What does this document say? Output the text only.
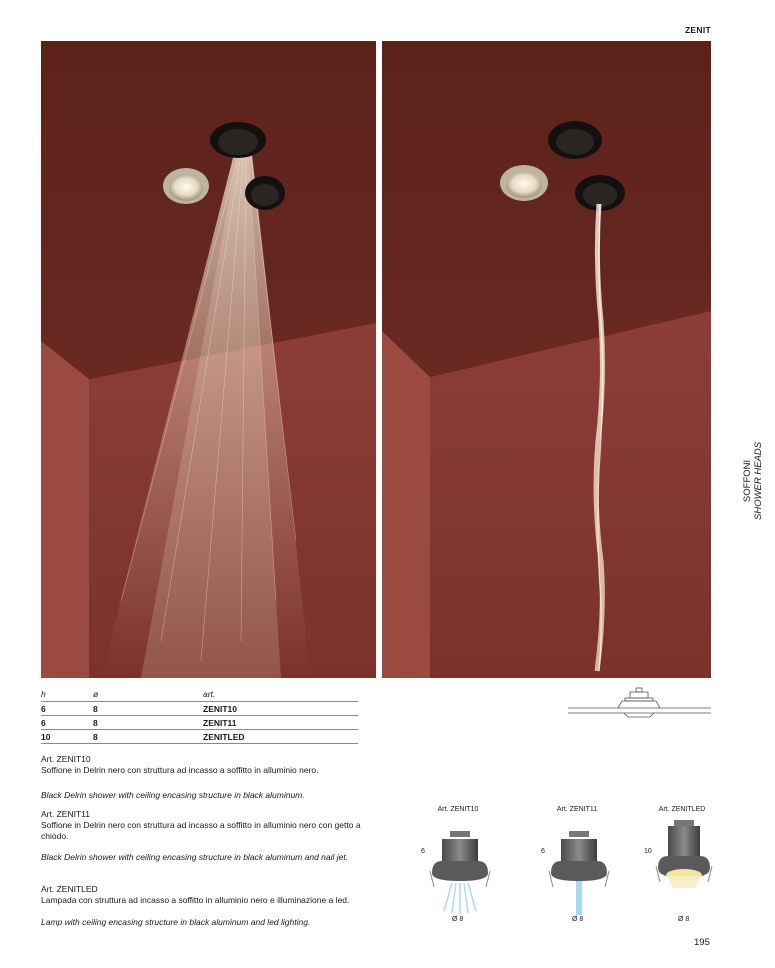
ZENIT
SOFFONI SHOWER HEADS
h	ø	art.
6	8	ZENIT10
6	8	ZENIT11
10	8	ZENITLED

Art. ZENIT10

Soffione in Delrin nero con struttura ad incasso a soffitto in alluminio nero.

Black Delrin shower with ceiling encasing structure in black aluminum.

Art. ZENIT11

Soffione in Delrin nero con struttura ad incasso a soffitto in alluminio nero con getto a chiodo.

Black Delrin shower with ceiling encasing structure in black aluminum and nail jet.

Art. ZENITLED

Lampada con struttura ad incasso a soffitto in alluminio nero e illuminazione a led.

Lamp with ceiling encasing structure in black aluminum and led lighting.

Art. ZENIT10
6
Ø 8
Art. ZENIT11
6
Ø 8
Art. ZENITLED
10
Ø 8
195
